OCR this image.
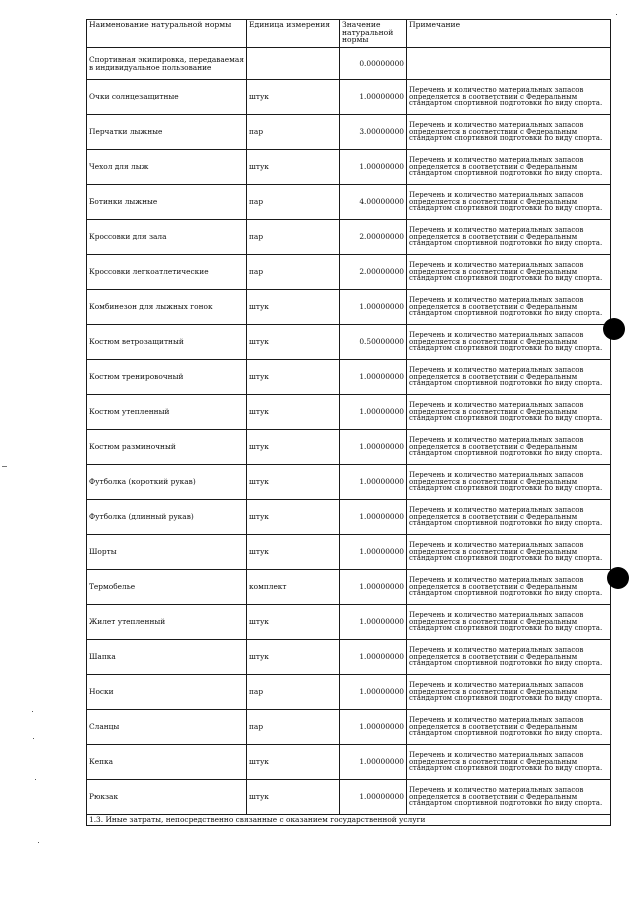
Наименование натуральной нормы	Единица измерения	Значение натуральной нормы	Примечание
Спортивная экипировка, передаваемая в индивидуальное пользование		0.00000000	
Очки солнцезащитные	штук	1.00000000	Перечень и количество материальных запасов определяется в соответствии с Федеральным стандартом спортивной подготовки по виду спорта.
Перчатки лыжные	пар	3.00000000	Перечень и количество материальных запасов определяется в соответствии с Федеральным стандартом спортивной подготовки по виду спорта.
Чехол для лыж	штук	1.00000000	Перечень и количество материальных запасов определяется в соответствии с Федеральным стандартом спортивной подготовки по виду спорта.
Ботинки лыжные	пар	4.00000000	Перечень и количество материальных запасов определяется в соответствии с Федеральным стандартом спортивной подготовки по виду спорта.
Кроссовки для зала	пар	2.00000000	Перечень и количество материальных запасов определяется в соответствии с Федеральным стандартом спортивной подготовки по виду спорта.
Кроссовки легкоатлетические	пар	2.00000000	Перечень и количество материальных запасов определяется в соответствии с Федеральным стандартом спортивной подготовки по виду спорта.
Комбинезон для лыжных гонок	штук	1.00000000	Перечень и количество материальных запасов определяется в соответствии с Федеральным стандартом спортивной подготовки по виду спорта.
Костюм ветрозащитный	штук	0.50000000	Перечень и количество материальных запасов определяется в соответствии с Федеральным стандартом спортивной подготовки по виду спорта.
Костюм тренировочный	штук	1.00000000	Перечень и количество материальных запасов определяется в соответствии с Федеральным стандартом спортивной подготовки по виду спорта.
Костюм утепленный	штук	1.00000000	Перечень и количество материальных запасов определяется в соответствии с Федеральным стандартом спортивной подготовки по виду спорта.
Костюм разминочный	штук	1.00000000	Перечень и количество материальных запасов определяется в соответствии с Федеральным стандартом спортивной подготовки по виду спорта.
Футболка (короткий рукав)	штук	1.00000000	Перечень и количество материальных запасов определяется в соответствии с Федеральным стандартом спортивной подготовки по виду спорта.
Футболка (длинный рукав)	штук	1.00000000	Перечень и количество материальных запасов определяется в соответствии с Федеральным стандартом спортивной подготовки по виду спорта.
Шорты	штук	1.00000000	Перечень и количество материальных запасов определяется в соответствии с Федеральным стандартом спортивной подготовки по виду спорта.
Термобелье	комплект	1.00000000	Перечень и количество материальных запасов определяется в соответствии с Федеральным стандартом спортивной подготовки по виду спорта.
Жилет утепленный	штук	1.00000000	Перечень и количество материальных запасов определяется в соответствии с Федеральным стандартом спортивной подготовки по виду спорта.
Шапка	штук	1.00000000	Перечень и количество материальных запасов определяется в соответствии с Федеральным стандартом спортивной подготовки по виду спорта.
Носки	пар	1.00000000	Перечень и количество материальных запасов определяется в соответствии с Федеральным стандартом спортивной подготовки по виду спорта.
Сланцы	пар	1.00000000	Перечень и количество материальных запасов определяется в соответствии с Федеральным стандартом спортивной подготовки по виду спорта.
Кепка	штук	1.00000000	Перечень и количество материальных запасов определяется в соответствии с Федеральным стандартом спортивной подготовки по виду спорта.
Рюкзак	штук	1.00000000	Перечень и количество материальных запасов определяется в соответствии с Федеральным стандартом спортивной подготовки по виду спорта.
1.3. Иные затраты, непосредственно связанные с оказанием государственной услуги			
